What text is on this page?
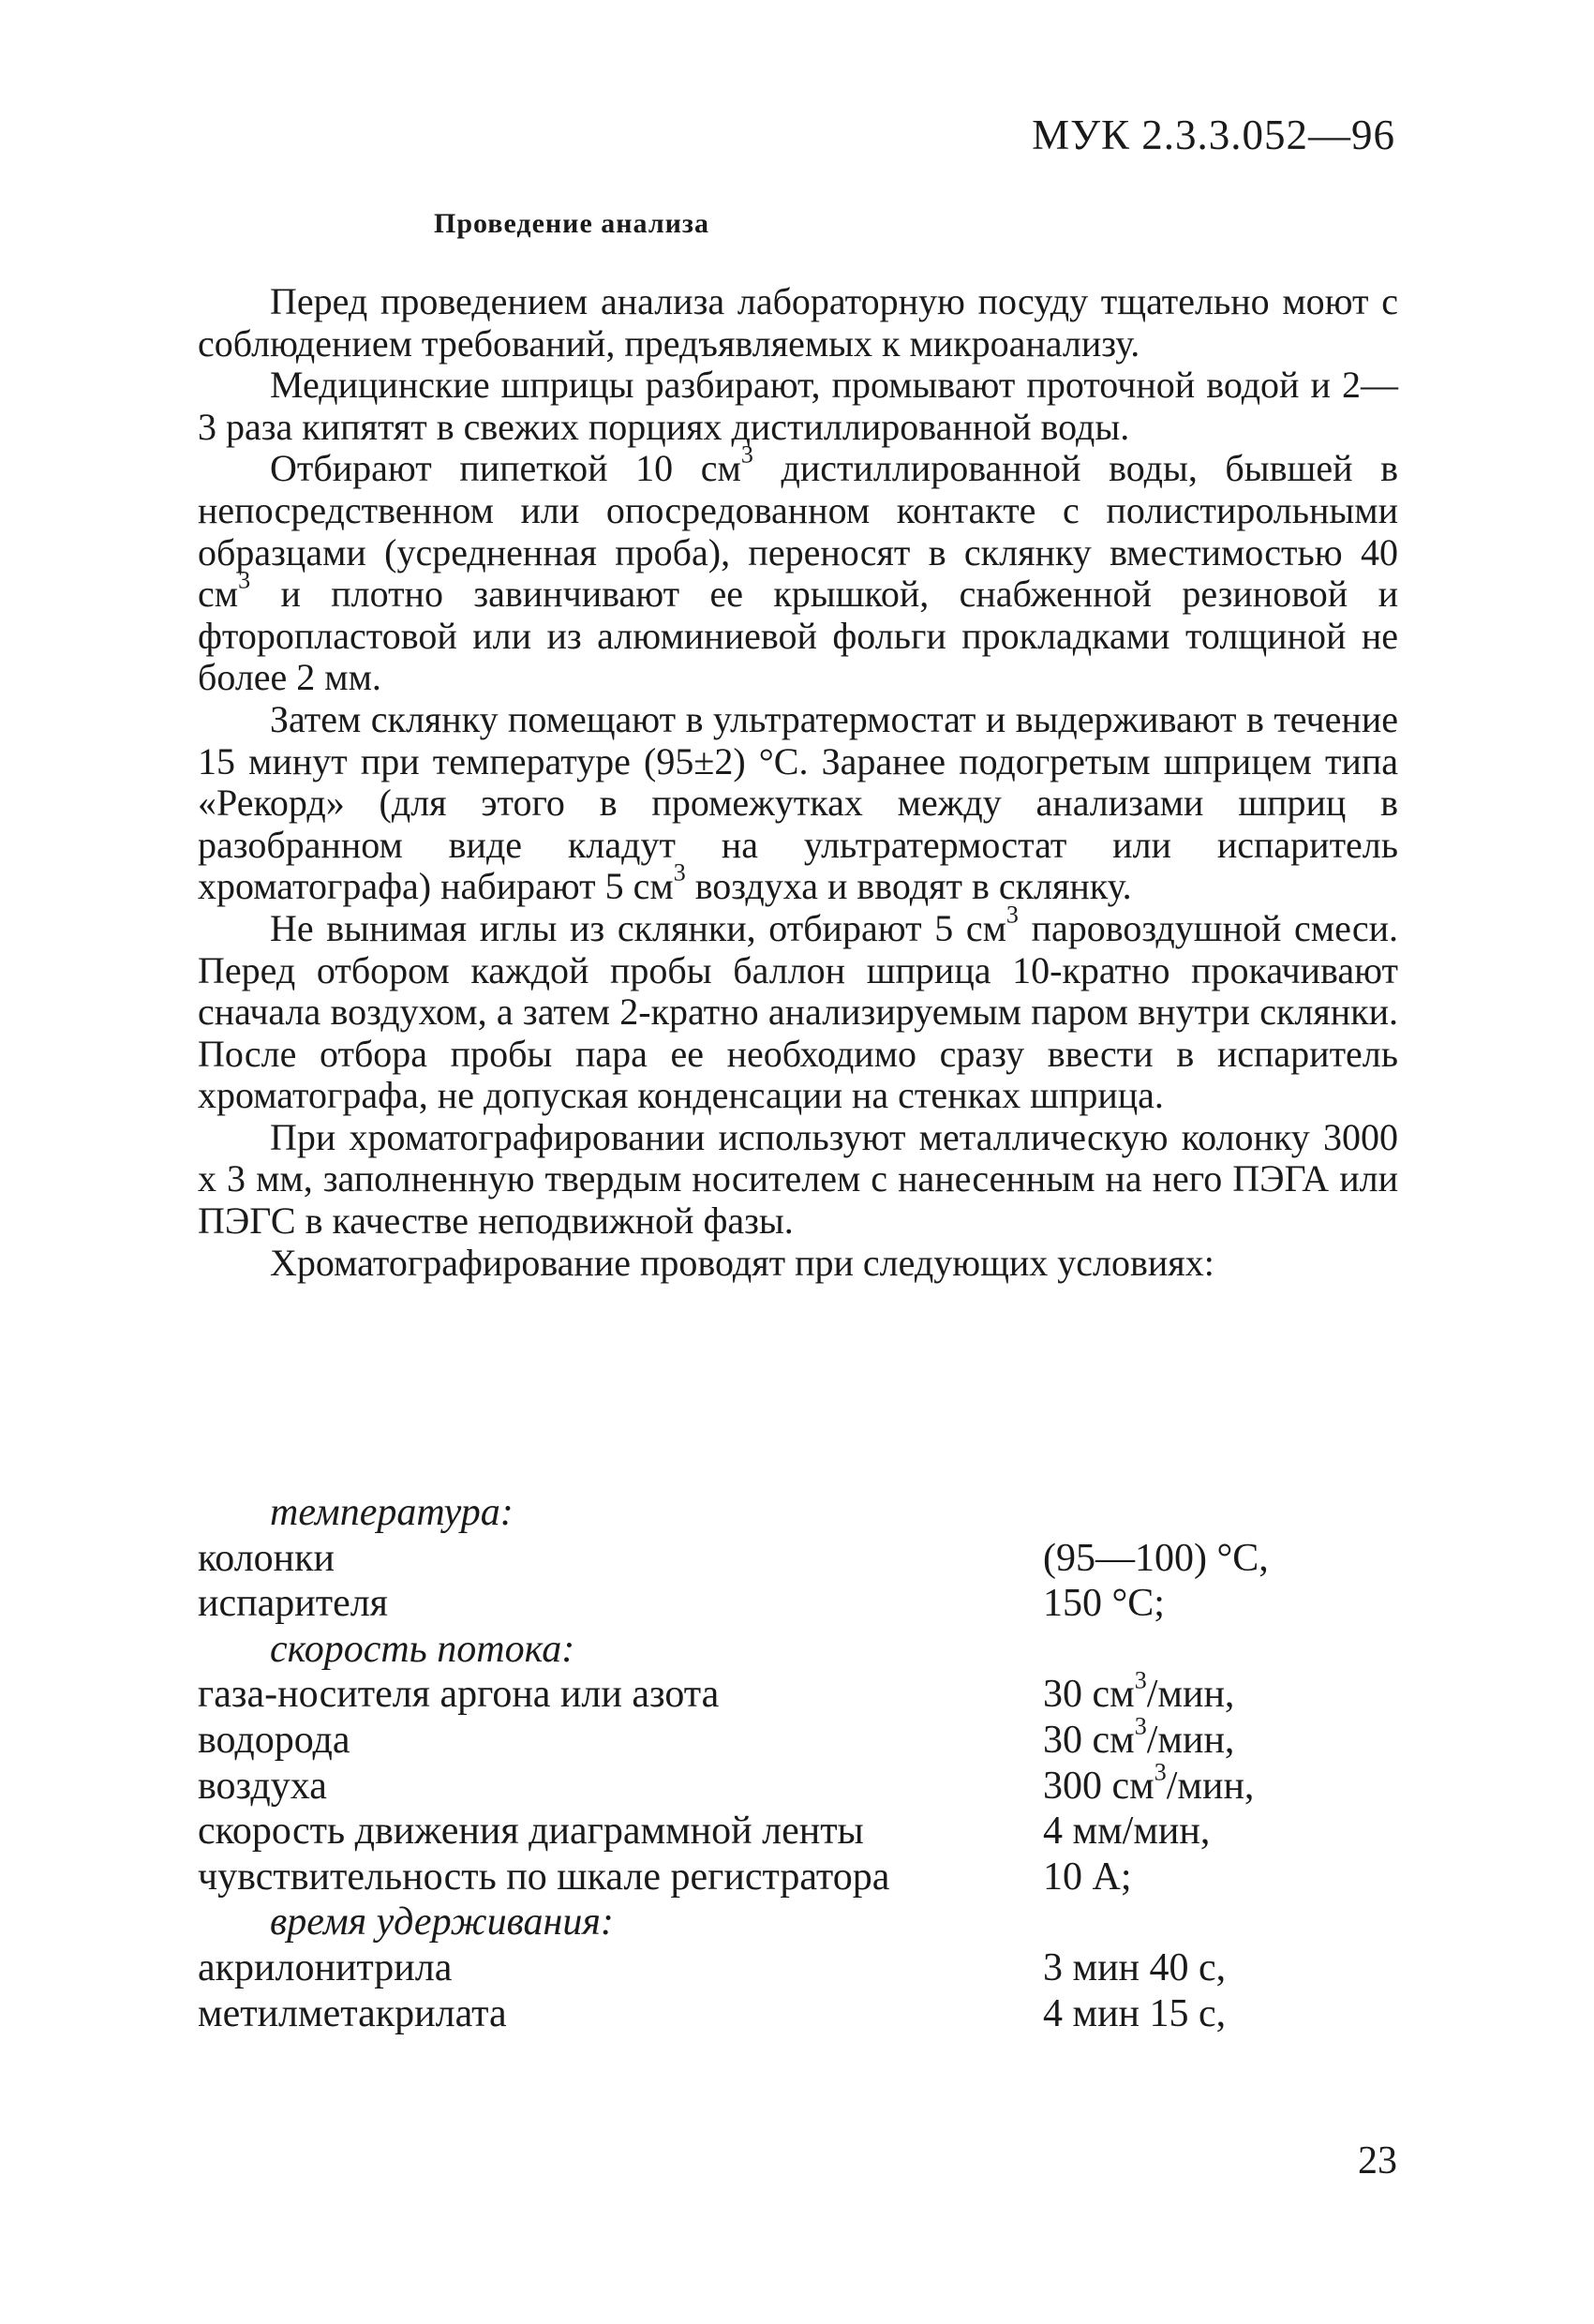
МУК 2.3.3.052—96
Проведение анализа

Перед проведением анализа лабораторную посуду тщательно моют с соблюдением требований, предъявляемых к микроанализу.

Медицинские шприцы разбирают, промывают проточной водой и 2—3 раза кипятят в свежих порциях дистиллированной воды.

Отбирают пипеткой 10 $см^3$ дистиллированной воды, бывшей в непосредственном или опосредованном контакте с полистирольными образцами (усредненная проба), переносят в склянку вместимостью 40 $см^3$ и плотно завинчивают ее крышкой, снабженной резиновой и фторопластовой или из алюминиевой фольги прокладками толщиной не более 2 мм.

Затем склянку помещают в ультратермостат и выдерживают в течение 15 минут при температуре (95±2) °С. Заранее подогретым шприцем типа «Рекорд» (для этого в промежутках между анализами шприц в разобранном виде кладут на ультратермостат или испаритель хроматографа) набирают 5 $см^3$ воздуха и вводят в склянку.

Не вынимая иглы из склянки, отбирают 5 $см^3$ паровоздушной смеси. Перед отбором каждой пробы баллон шприца 10-кратно прокачивают сначала воздухом, а затем 2-кратно анализируемым паром внутри склянки. После отбора пробы пара ее необходимо сразу ввести в испаритель хроматографа, не допуская конденсации на стенках шприца.

При хроматографировании используют металлическую колонку 3000 х 3 мм, заполненную твердым носителем с нанесенным на него ПЭГА или ПЭГС в качестве неподвижной фазы.

Хроматографирование проводят при следующих условиях:

температура:
колонки	(95—100) °С,
испарителя	150 °С;
скорость потока:
газа-носителя аргона или азота	30 $см^3$/мин,
водорода	30 $см^3$/мин,
воздуха	300 $см^3$/мин,
скорость движения диаграммной ленты	4 мм/мин,
чувствительность по шкале регистратора	10 А;
время удерживания:
акрилонитрила	3 мин 40 с,
метилметакрилата	4 мин 15 с,
23
